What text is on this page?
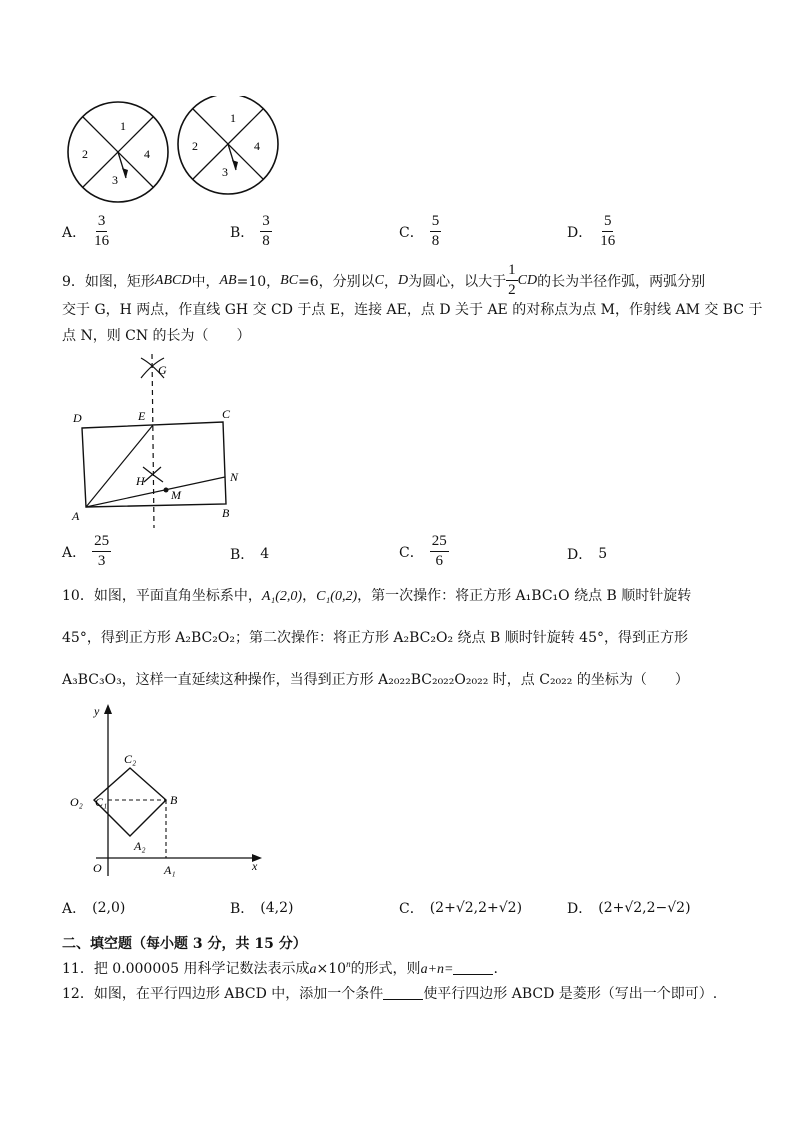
1
2
3
4
1
2
3
4
A． $\frac{3}{16}$	B． $\frac{3}{8}$	C． $\frac{5}{8}$	D． $\frac{5}{16}$
9．如图，矩形 ABCD 中， AB =10， BC =6，分别以 C ， D 为圆心，以大于 $\frac{1}{2}$ CD 的长为半径作弧，两弧分别
交于 G，H 两点，作直线 GH 交 CD 于点 E，连接 AE，点 D 关于 AE 的对称点为点 M，作射线 AM 交 BC 于
点 N，则 CN 的长为（　　）
G
D	E	C
H
M
N
A	B
A． $\frac{25}{3}$	B． 4	C． $\frac{25}{6}$	D． 5
10．如图，平面直角坐标系中，A₁(2,0)，C₁(0,2)，第一次操作：将正方形 A₁BC₁O 绕点 B 顺时针旋转
45°，得到正方形 A₂BC₂O₂；第二次操作：将正方形 A₂BC₂O₂ 绕点 B 顺时针旋转 45°，得到正方形
A₃BC₃O₃，这样一直延续这种操作，当得到正方形 A₂₀₂₂BC₂₀₂₂O₂₀₂₂ 时，点 C₂₀₂₂ 的坐标为（　　）
y
x
O
O₂ C₁
C₂
B
A₂
A₁
A． (2,0)	B． (4,2)	C． (2+√2,2+√2)	D． (2+√2,2−√2)
二、填空题（每小题 3 分，共 15 分）
11．把 0.000005 用科学记数法表示成$a\times 10^n$的形式，则a+n=	.
12．如图，在平行四边形 ABCD 中，添加一个条件	使平行四边形 ABCD 是菱形（写出一个即可）.
